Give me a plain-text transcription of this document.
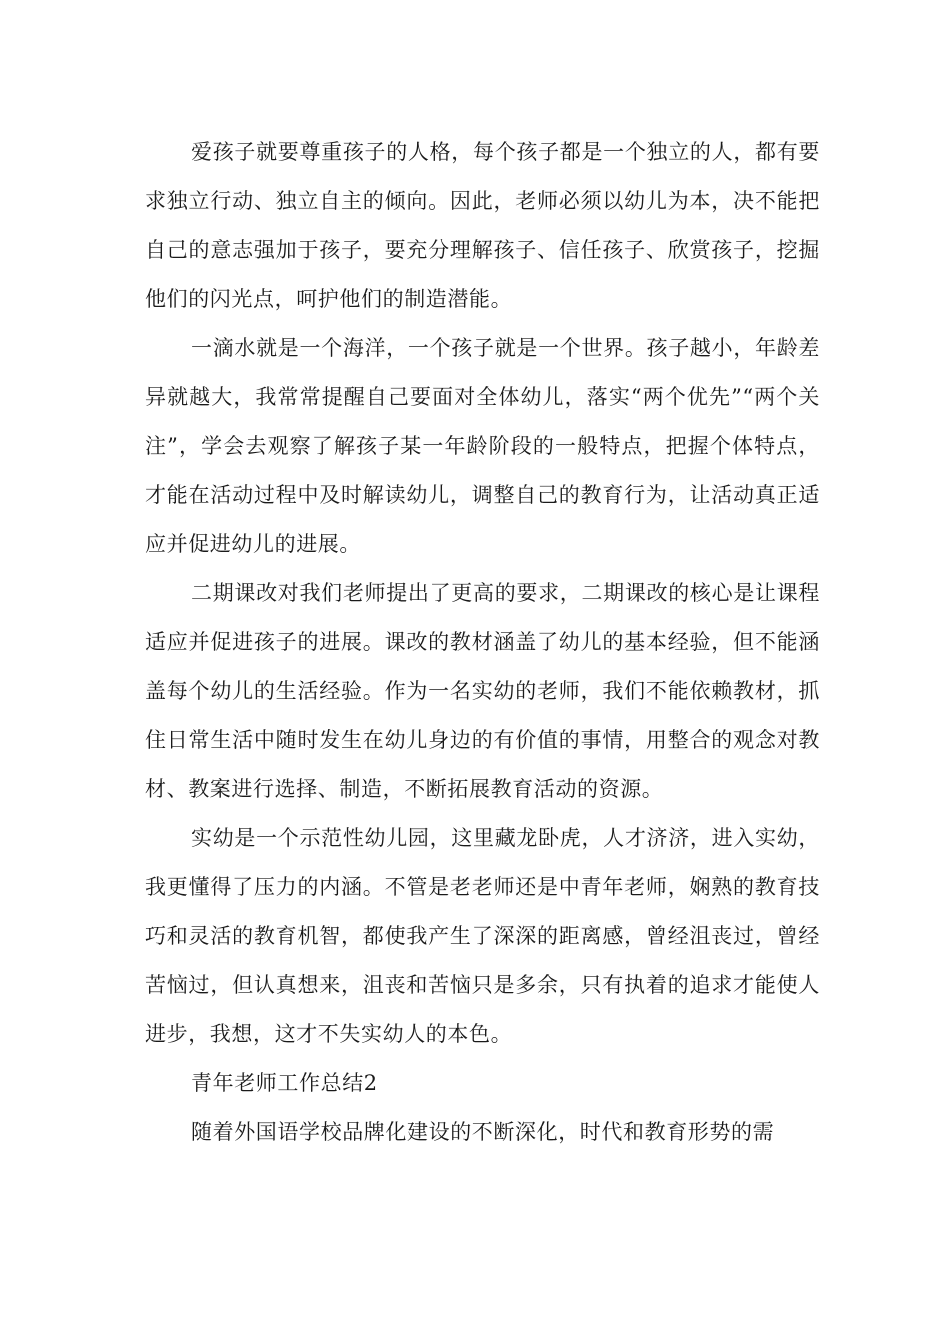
爱孩子就要尊重孩子的人格，每个孩子都是一个独立的人，都有要求独立行动、独立自主的倾向。因此，老师必须以幼儿为本，决不能把自己的意志强加于孩子，要充分理解孩子、信任孩子、欣赏孩子，挖掘他们的闪光点，呵护他们的制造潜能。

一滴水就是一个海洋，一个孩子就是一个世界。孩子越小，年龄差异就越大，我常常提醒自己要面对全体幼儿，落实“两个优先”“两个关注”，学会去观察了解孩子某一年龄阶段的一般特点，把握个体特点，才能在活动过程中及时解读幼儿，调整自己的教育行为，让活动真正适应并促进幼儿的进展。

二期课改对我们老师提出了更高的要求，二期课改的核心是让课程适应并促进孩子的进展。课改的教材涵盖了幼儿的基本经验，但不能涵盖每个幼儿的生活经验。作为一名实幼的老师，我们不能依赖教材，抓住日常生活中随时发生在幼儿身边的有价值的事情，用整合的观念对教材、教案进行选择、制造，不断拓展教育活动的资源。

实幼是一个示范性幼儿园，这里藏龙卧虎，人才济济，进入实幼，我更懂得了压力的内涵。不管是老老师还是中青年老师，娴熟的教育技巧和灵活的教育机智，都使我产生了深深的距离感，曾经沮丧过，曾经苦恼过，但认真想来，沮丧和苦恼只是多余，只有执着的追求才能使人进步，我想，这才不失实幼人的本色。

青年老师工作总结2

随着外国语学校品牌化建设的不断深化，时代和教育形势的需
